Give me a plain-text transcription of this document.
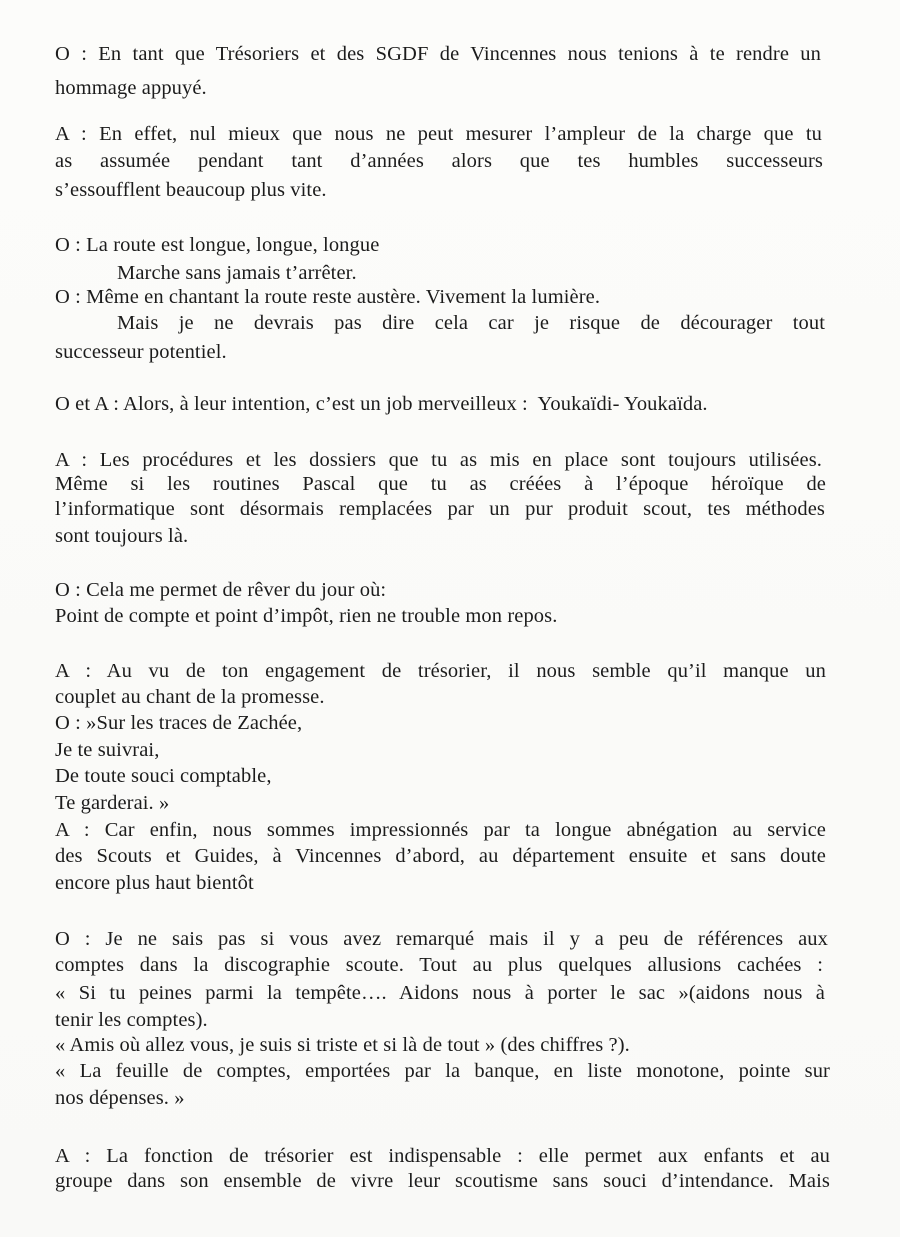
O : En tant que Trésoriers et des SGDF de Vincennes nous tenions à te rendre un
hommage appuyé.
A : En effet, nul mieux que nous ne peut mesurer l’ampleur de la charge que tu
as assumée pendant tant d’années alors que tes humbles successeurs
s’essoufflent beaucoup plus vite.
O : La route est longue, longue, longue
Marche sans jamais t’arrêter.
O : Même en chantant la route reste austère. Vivement la lumière.
Mais je ne devrais pas dire cela car je risque de décourager tout
successeur potentiel.
O et A : Alors, à leur intention, c’est un job merveilleux :  Youkaïdi- Youkaïda.
A : Les procédures et les dossiers que tu as mis en place sont toujours utilisées.
Même si les routines Pascal que tu as créées à l’époque héroïque de
l’informatique sont désormais remplacées par un pur produit scout, tes méthodes
sont toujours là.
O : Cela me permet de rêver du jour où:
Point de compte et point d’impôt, rien ne trouble mon repos.
A : Au vu de ton engagement de trésorier, il nous semble qu’il manque un
couplet au chant de la promesse.
O : »Sur les traces de Zachée,
Je te suivrai,
De toute souci comptable,
Te garderai. »
A : Car enfin, nous sommes impressionnés par ta longue abnégation au service
des Scouts et Guides, à Vincennes d’abord, au département ensuite et sans doute
encore plus haut bientôt
O : Je ne sais pas si vous avez remarqué mais il y a peu de références aux
comptes dans la discographie scoute. Tout au plus quelques allusions cachées :
« Si tu peines parmi la tempête…. Aidons nous à porter le sac »(aidons nous à
tenir les comptes).
« Amis où allez vous, je suis si triste et si là de tout » (des chiffres ?).
« La feuille de comptes, emportées par la banque, en liste monotone, pointe sur
nos dépenses. »
A : La fonction de trésorier est indispensable : elle permet aux enfants et au
groupe dans son ensemble de vivre leur scoutisme sans souci d’intendance. Mais
